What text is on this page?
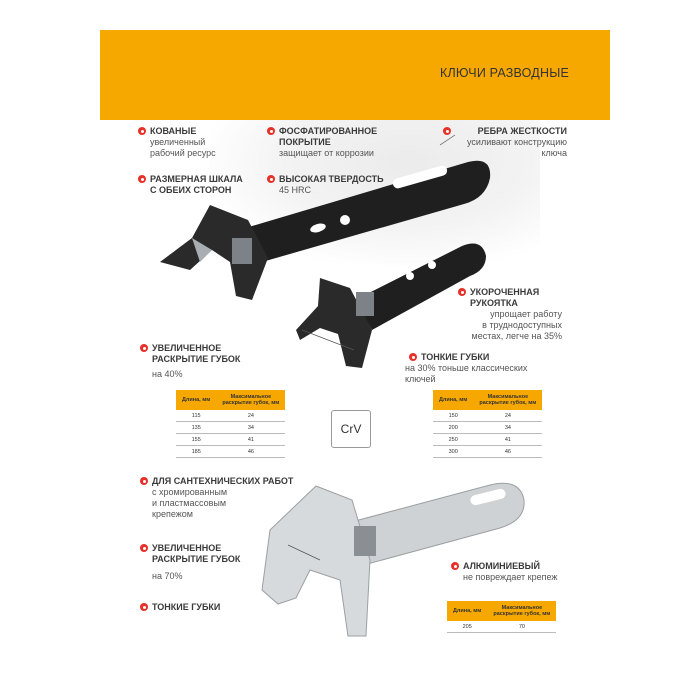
КЛЮЧИ РАЗВОДНЫЕ
КОВАНЫЕ
увеличенный
рабочий ресурс
ФОСФАТИРОВАННОЕ
ПОКРЫТИЕ
защищает от коррозии
РЕБРА ЖЕСТКОСТИ
усиливают конструкцию
ключа
РАЗМЕРНАЯ ШКАЛА
С ОБЕИХ СТОРОН
ВЫСОКАЯ ТВЕРДОСТЬ
45 HRC
УКОРОЧЕННАЯ
РУКОЯТКА
упрощает работу
в труднодоступных
местах, легче на 35%
УВЕЛИЧЕННОЕ
РАСКРЫТИЕ ГУБОК
на 40%
ТОНКИЕ ГУБКИ
на 30% тоньше классических
ключей
Длина, мм	Максимальное
раскрытие губок, мм
115	24
135	34
155	41
185	46
CrV
Длина, мм	Максимальное
раскрытие губок, мм
150	24
200	34
250	41
300	46
ДЛЯ САНТЕХНИЧЕСКИХ РАБОТ
с хромированным
и пластмассовым
крепежом
УВЕЛИЧЕННОЕ
РАСКРЫТИЕ ГУБОК
на 70%
АЛЮМИНИЕВЫЙ
не повреждает крепеж
ТОНКИЕ ГУБКИ	Длина, мм	Максимальное
раскрытие губок, мм
205	70
